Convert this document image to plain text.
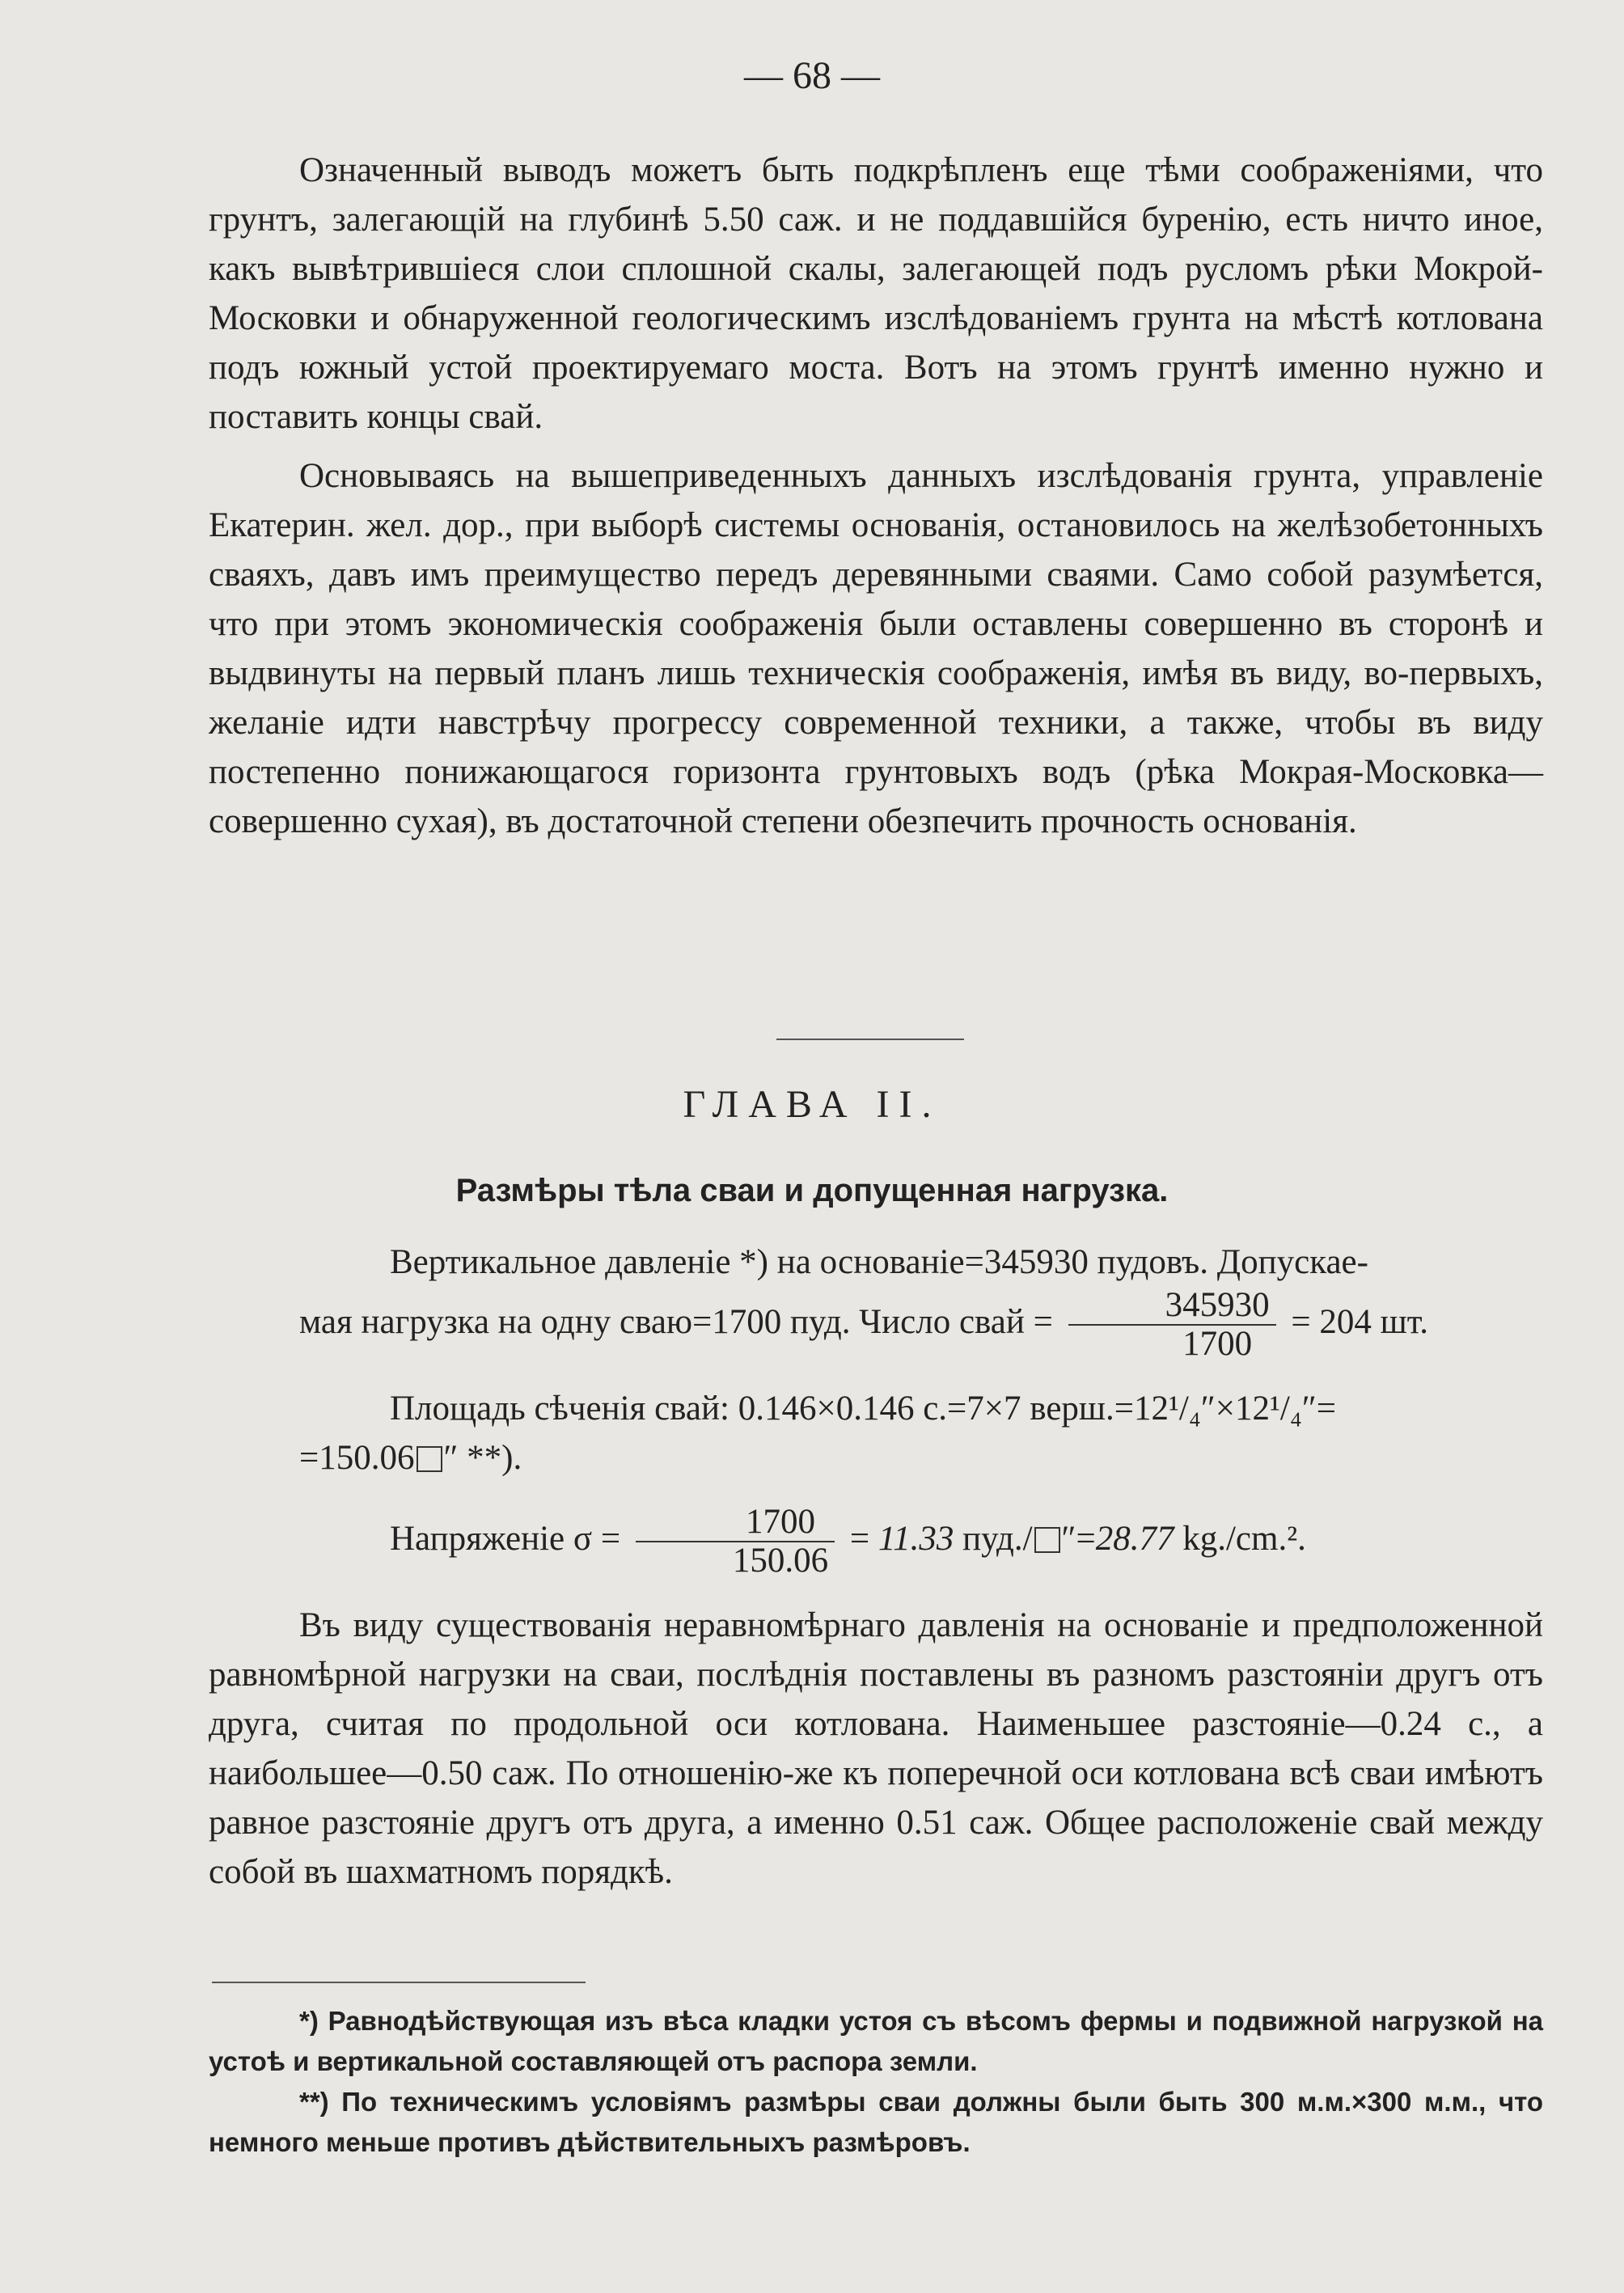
— 68 —

Означенный выводъ можетъ быть подкрѣпленъ еще тѣми соображеніями, что грунтъ, залегающій на глубинѣ 5.50 саж. и не поддавшійся буренію, есть ничто иное, какъ вывѣтрившіеся слои сплошной скалы, залегающей подъ русломъ рѣки Мокрой-Московки и обнаруженной геологическимъ изслѣдованіемъ грунта на мѣстѣ котлована подъ южный устой проектируемаго моста. Вотъ на этомъ грунтѣ именно нужно и поставить концы свай.

Основываясь на вышеприведенныхъ данныхъ изслѣдованія грунта, управленіе Екатерин. жел. дор., при выборѣ системы основанія, остановилось на желѣзобетонныхъ сваяхъ, давъ имъ преимущество передъ деревянными сваями. Само собой разумѣется, что при этомъ экономическія соображенія были оставлены совершенно въ сторонѣ и выдвинуты на первый планъ лишь техническія соображенія, имѣя въ виду, во-первыхъ, желаніе идти навстрѣчу прогрессу современной техники, а также, чтобы въ виду постепенно понижающагося горизонта грунтовыхъ водъ (рѣка Мокрая-Московка—совершенно сухая), въ достаточной степени обезпечить прочность основанія.

ГЛАВА II.
Размѣры тѣла сваи и допущенная нагрузка.

Вертикальное давленіе *) на основаніе=345930 пудовъ. Допускае-

мая нагрузка на одну сваю=1700 пуд. Число свай = $\frac{345930}{1700} = 204$ шт.

Площадь сѣченія свай: 0.146×0.146 с.=7×7 верш.=12¹/₄″×12¹/₄″=

=150.06 ″ **).

Напряженіе $\sigma = \frac{1700}{150.06} = 11.33$ пуд./ ″=28.77 kg./cm.².

Въ виду существованія неравномѣрнаго давленія на основаніе и предположенной равномѣрной нагрузки на сваи, послѣднія поставлены въ разномъ разстояніи другъ отъ друга, считая по продольной оси котлована. Наименьшее разстояніе—0.24 с., а наибольшее—0.50 саж. По отношенію-же къ поперечной оси котлована всѣ сваи имѣютъ равное разстояніе другъ отъ друга, а именно 0.51 саж. Общее расположеніе свай между собой въ шахматномъ порядкѣ.

*) Равнодѣйствующая изъ вѣса кладки устоя съ вѣсомъ фермы и подвижной нагрузкой на устоѣ и вертикальной составляющей отъ распора земли.

**) По техническимъ условіямъ размѣры сваи должны были быть 300 м.м.×300 м.м., что немного меньше противъ дѣйствительныхъ размѣровъ.
